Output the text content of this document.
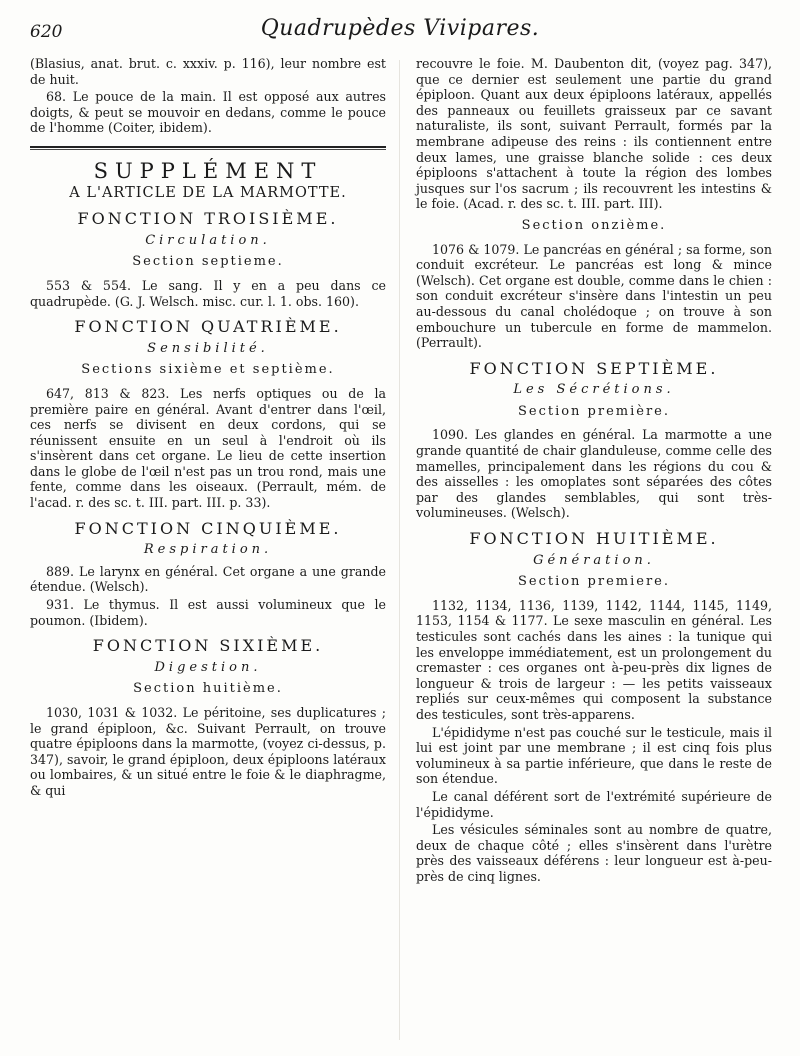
620	Quadrupèdes Vivipares.

(Blasius, anat. brut. c. xxxiv. p. 116), leur nombre est de huit.

68. Le pouce de la main. Il est opposé aux autres doigts, & peut se mouvoir en dedans, comme le pouce de l'homme (Coiter, ibidem).

SUPPLÉMENT
A L'ARTICLE DE LA MARMOTTE.
FONCTION TROISIÈME.
Circulation.
Section septieme.

553 & 554. Le sang. Il y en a peu dans ce quadrupède. (G. J. Welsch. misc. cur. l. 1. obs. 160).

FONCTION QUATRIÈME.
Sensibilité.
Sections sixième et septième.

647, 813 & 823. Les nerfs optiques ou de la première paire en général. Avant d'entrer dans l'œil, ces nerfs se divisent en deux cordons, qui se réunissent ensuite en un seul à l'endroit où ils s'insèrent dans cet organe. Le lieu de cette insertion dans le globe de l'œil n'est pas un trou rond, mais une fente, comme dans les oiseaux. (Perrault, mém. de l'acad. r. des sc. t. III. part. III. p. 33).

FONCTION CINQUIÈME.
Respiration.

889. Le larynx en général. Cet organe a une grande étendue. (Welsch).

931. Le thymus. Il est aussi volumineux que le poumon. (Ibidem).

FONCTION SIXIÈME.
Digestion.
Section huitième.

1030, 1031 & 1032. Le péritoine, ses duplicatures ; le grand épiploon, &c. Suivant Perrault, on trouve quatre épiploons dans la marmotte, (voyez ci-dessus, p. 347), savoir, le grand épiploon, deux épiploons latéraux ou lombaires, & un situé entre le foie & le diaphragme, & qui

recouvre le foie. M. Daubenton dit, (voyez pag. 347), que ce dernier est seulement une partie du grand épiploon. Quant aux deux épiploons latéraux, appellés des panneaux ou feuillets graisseux par ce savant naturaliste, ils sont, suivant Perrault, formés par la membrane adipeuse des reins : ils contiennent entre deux lames, une graisse blanche solide : ces deux épiploons s'attachent à toute la région des lombes jusques sur l'os sacrum ; ils recouvrent les intestins & le foie. (Acad. r. des sc. t. III. part. III).

Section onzième.

1076 & 1079. Le pancréas en général ; sa forme, son conduit excréteur. Le pancréas est long & mince (Welsch). Cet organe est double, comme dans le chien : son conduit excréteur s'insère dans l'intestin un peu au-dessous du canal cholédoque ; on trouve à son embouchure un tubercule en forme de mammelon. (Perrault).

FONCTION SEPTIÈME.
Les Sécrétions.
Section première.

1090. Les glandes en général. La marmotte a une grande quantité de chair glanduleuse, comme celle des mamelles, principalement dans les régions du cou & des aisselles : les omoplates sont séparées des côtes par des glandes semblables, qui sont très-volumineuses. (Welsch).

FONCTION HUITIÈME.
Génération.
Section premiere.

1132, 1134, 1136, 1139, 1142, 1144, 1145, 1149, 1153, 1154 & 1177. Le sexe masculin en général. Les testicules sont cachés dans les aines : la tunique qui les enveloppe immédiatement, est un prolongement du cremaster : ces organes ont à-peu-près dix lignes de longueur & trois de largeur : — les petits vaisseaux repliés sur ceux-mêmes qui composent la substance des testicules, sont très-apparens.

L'épididyme n'est pas couché sur le testicule, mais il lui est joint par une membrane ; il est cinq fois plus volumineux à sa partie inférieure, que dans le reste de son étendue.

Le canal déférent sort de l'extrémité supérieure de l'épididyme.

Les vésicules séminales sont au nombre de quatre, deux de chaque côté ; elles s'insèrent dans l'urètre près des vaisseaux déférens : leur longueur est à-peu-près de cinq lignes.
